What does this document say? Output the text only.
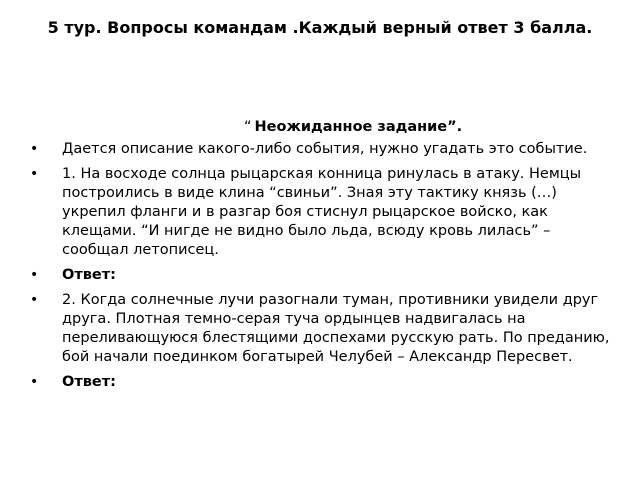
5 тур. Вопросы командам .Каждый верный ответ 3 балла.
“ Неожиданное задание”.
• Дается описание какого-либо события, нужно угадать это событие.
• 1. На восходе солнца рыцарская конница ринулась в атаку. Немцы построились в виде клина “свиньи”. Зная эту тактику князь (…) укрепил фланги и в разгар боя стиснул рыцарское войско, как клещами. “И нигде не видно было льда, всюду кровь лилась” – сообщал летописец.
• Ответ:
• 2. Когда солнечные лучи разогнали туман, противники увидели друг друга. Плотная темно-серая туча ордынцев надвигалась на переливающуюся блестящими доспехами русскую рать. По преданию, бой начали поединком богатырей Челубей – Александр Пересвет.
• Ответ:
